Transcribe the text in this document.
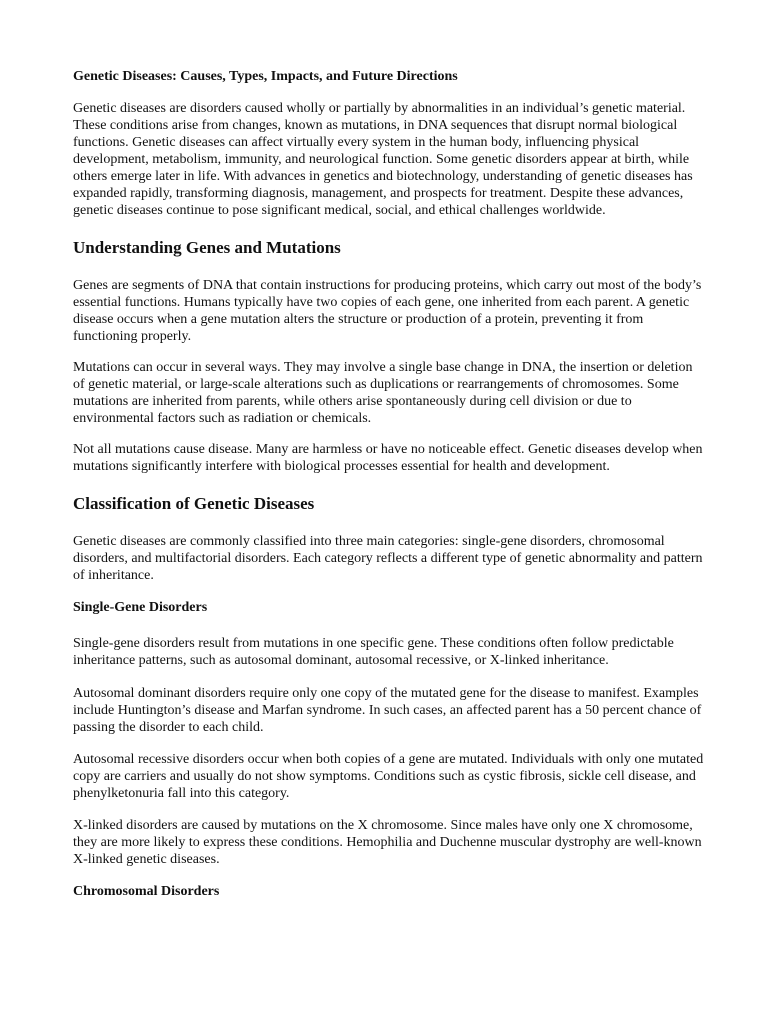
Genetic Diseases: Causes, Types, Impacts, and Future Directions

Genetic diseases are disorders caused wholly or partially by abnormalities in an individual’s genetic material. These conditions arise from changes, known as mutations, in DNA sequences that disrupt normal biological functions. Genetic diseases can affect virtually every system in the human body, influencing physical development, metabolism, immunity, and neurological function. Some genetic disorders appear at birth, while others emerge later in life. With advances in genetics and biotechnology, understanding of genetic diseases has expanded rapidly, transforming diagnosis, management, and prospects for treatment. Despite these advances, genetic diseases continue to pose significant medical, social, and ethical challenges worldwide.

Understanding Genes and Mutations

Genes are segments of DNA that contain instructions for producing proteins, which carry out most of the body’s essential functions. Humans typically have two copies of each gene, one inherited from each parent. A genetic disease occurs when a gene mutation alters the structure or production of a protein, preventing it from functioning properly.

Mutations can occur in several ways. They may involve a single base change in DNA, the insertion or deletion of genetic material, or large-scale alterations such as duplications or rearrangements of chromosomes. Some mutations are inherited from parents, while others arise spontaneously during cell division or due to environmental factors such as radiation or chemicals.

Not all mutations cause disease. Many are harmless or have no noticeable effect. Genetic diseases develop when mutations significantly interfere with biological processes essential for health and development.

Classification of Genetic Diseases

Genetic diseases are commonly classified into three main categories: single-gene disorders, chromosomal disorders, and multifactorial disorders. Each category reflects a different type of genetic abnormality and pattern of inheritance.

Single-Gene Disorders

Single-gene disorders result from mutations in one specific gene. These conditions often follow predictable inheritance patterns, such as autosomal dominant, autosomal recessive, or X-linked inheritance.

Autosomal dominant disorders require only one copy of the mutated gene for the disease to manifest. Examples include Huntington’s disease and Marfan syndrome. In such cases, an affected parent has a 50 percent chance of passing the disorder to each child.

Autosomal recessive disorders occur when both copies of a gene are mutated. Individuals with only one mutated copy are carriers and usually do not show symptoms. Conditions such as cystic fibrosis, sickle cell disease, and phenylketonuria fall into this category.

X-linked disorders are caused by mutations on the X chromosome. Since males have only one X chromosome, they are more likely to express these conditions. Hemophilia and Duchenne muscular dystrophy are well-known X-linked genetic diseases.

Chromosomal Disorders
